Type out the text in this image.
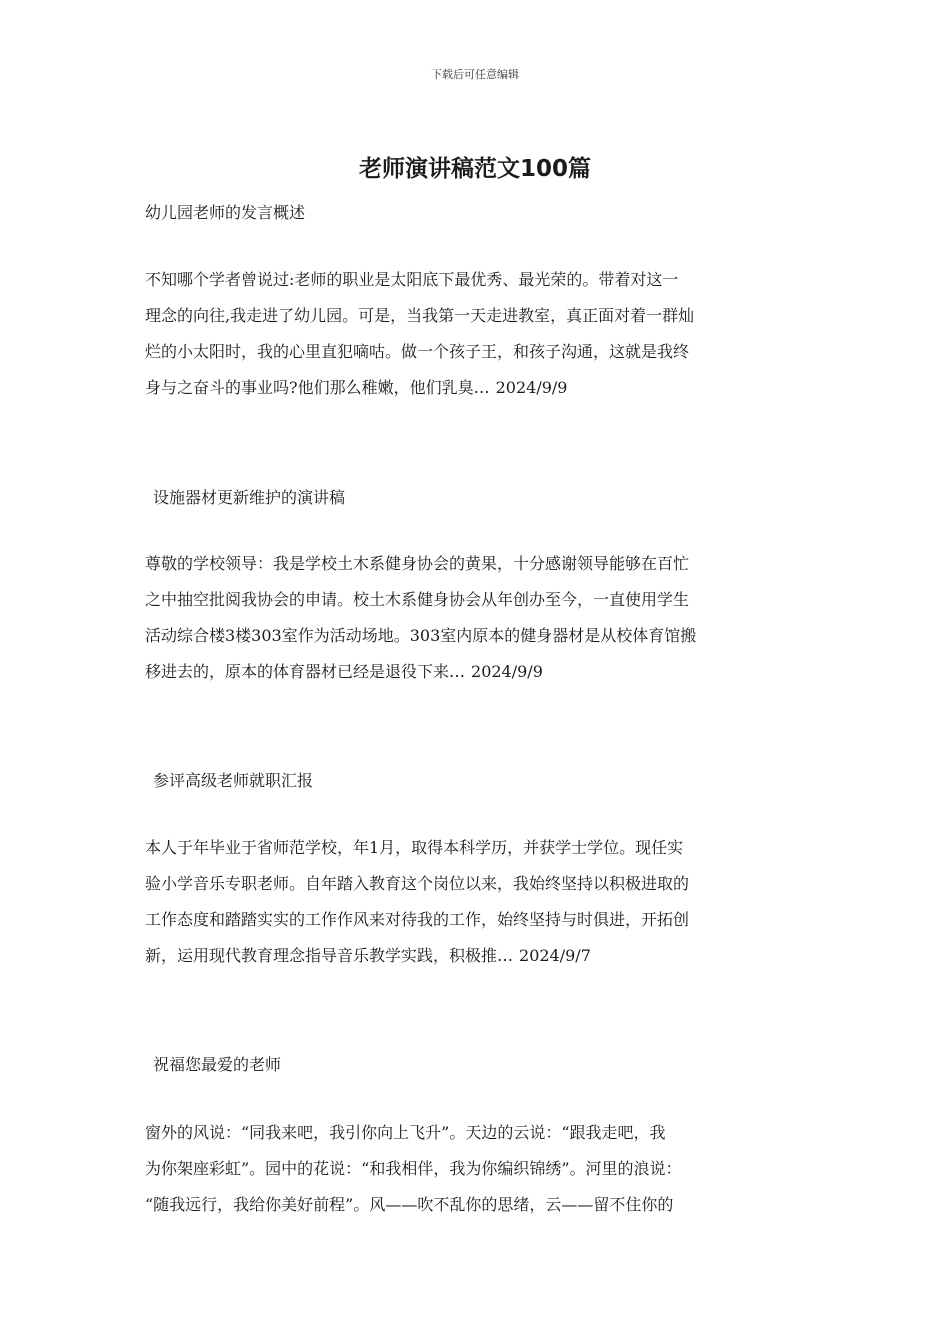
下载后可任意编辑
老师演讲稿范文100篇
幼儿园老师的发言概述
不知哪个学者曾说过:老师的职业是太阳底下最优秀、最光荣的。带着对这一
理念的向往,我走进了幼儿园。可是，当我第一天走进教室，真正面对着一群灿
烂的小太阳时，我的心里直犯嘀咕。做一个孩子王，和孩子沟通，这就是我终
身与之奋斗的事业吗?他们那么稚嫩，他们乳臭… 2024/9/9
设施器材更新维护的演讲稿
尊敬的学校领导：我是学校土木系健身协会的黄果，十分感谢领导能够在百忙
之中抽空批阅我协会的申请。校土木系健身协会从年创办至今，一直使用学生
活动综合楼3楼303室作为活动场地。303室内原本的健身器材是从校体育馆搬
移进去的，原本的体育器材已经是退役下来… 2024/9/9
参评高级老师就职汇报
本人于年毕业于省师范学校，年1月，取得本科学历，并获学士学位。现任实
验小学音乐专职老师。自年踏入教育这个岗位以来，我始终坚持以积极进取的
工作态度和踏踏实实的工作作风来对待我的工作，始终坚持与时俱进，开拓创
新，运用现代教育理念指导音乐教学实践，积极推… 2024/9/7
祝福您最爱的老师
窗外的风说：“同我来吧，我引你向上飞升”。天边的云说：“跟我走吧，我
为你架座彩虹”。园中的花说：“和我相伴，我为你编织锦绣”。河里的浪说：
“随我远行，我给你美好前程”。风——吹不乱你的思绪，云——留不住你的
